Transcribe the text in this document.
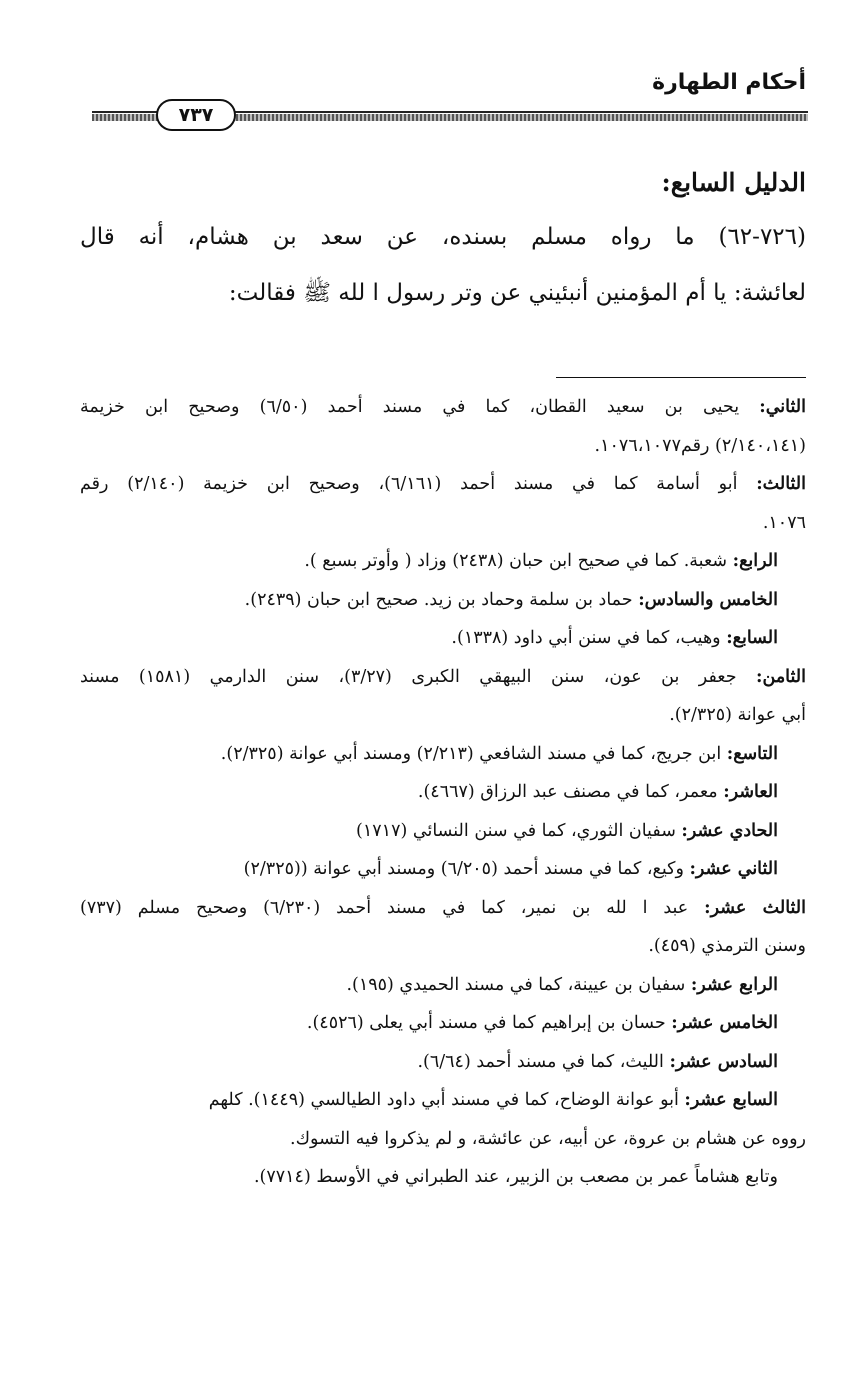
أحكام الطهارة
٧٣٧
الدليل السابع:

(٧٢٦-٦٢) ما رواه مسلم بسنده، عن سعد بن هشام، أنه قال
لعائشة: يا أم المؤمنين أنبئيني عن وتر رسول ا لله ﷺ فقالت:

الثاني: يحيى بن سعيد القطان، كما في مسند أحمد (٦/٥٠) وصحيح ابن خزيمة

(٢/١٤٠،١٤١) رقم١٠٧٦،١٠٧٧.

الثالث: أبو أسامة كما في مسند أحمد (٦/١٦١)، وصحيح ابن خزيمة (٢/١٤٠) رقم

١٠٧٦.

الرابع: شعبة. كما في صحيح ابن حبان (٢٤٣٨) وزاد ( وأوتر بسبع ).

الخامس والسادس: حماد بن سلمة وحماد بن زيد. صحيح ابن حبان (٢٤٣٩).

السابع: وهيب، كما في سنن أبي داود (١٣٣٨).

الثامن: جعفر بن عون، سنن البيهقي الكبرى (٣/٢٧)، سنن الدارمي (١٥٨١) مسند

أبي عوانة (٢/٣٢٥).

التاسع: ابن جريج، كما في مسند الشافعي (٢/٢١٣) ومسند أبي عوانة (٢/٣٢٥).

العاشر: معمر، كما في مصنف عبد الرزاق (٤٦٦٧).

الحادي عشر: سفيان الثوري، كما في سنن النسائي (١٧١٧)

الثاني عشر: وكيع، كما في مسند أحمد (٦/٢٠٥) ومسند أبي عوانة ((٢/٣٢٥)

الثالث عشر: عبد ا لله بن نمير، كما في مسند أحمد (٦/٢٣٠) وصحيح مسلم (٧٣٧)

وسنن الترمذي (٤٥٩).

الرابع عشر: سفيان بن عيينة، كما في مسند الحميدي (١٩٥).

الخامس عشر: حسان بن إبراهيم كما في مسند أبي يعلى (٤٥٢٦).

السادس عشر: الليث، كما في مسند أحمد (٦/٦٤).

السابع عشر: أبو عوانة الوضاح، كما في مسند أبي داود الطيالسي (١٤٤٩). كلهم

رووه عن هشام بن عروة، عن أبيه، عن عائشة، و لم يذكروا فيه التسوك.

وتابع هشاماً عمر بن مصعب بن الزبير، عند الطبراني في الأوسط (٧٧١٤).
